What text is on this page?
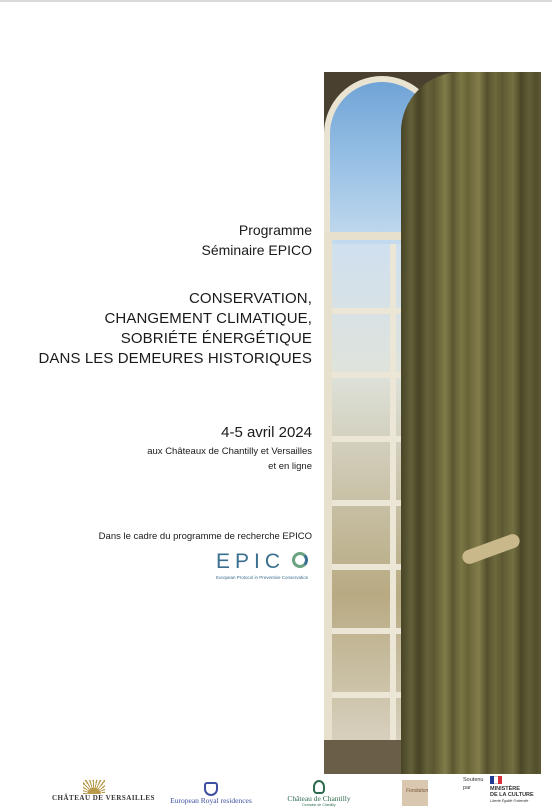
Programme
Séminaire EPICO
CONSERVATION,
CHANGEMENT CLIMATIQUE,
SOBRIÉTE ÉNERGÉTIQUE
DANS LES DEMEURES HISTORIQUES
4-5 avril 2024
aux Châteaux de Chantilly et Versailles
et en ligne
Dans le cadre du programme de recherche EPICO
EPIC
European Protocol in Preventive Conservation
CHÂTEAU DE VERSAILLES European Royal residences	Château de Chantilly
Domaine de Chantilly
Fondation
Soutenu
par	MINISTÈRE
DE LA CULTURE
Liberté Égalité Fraternité
